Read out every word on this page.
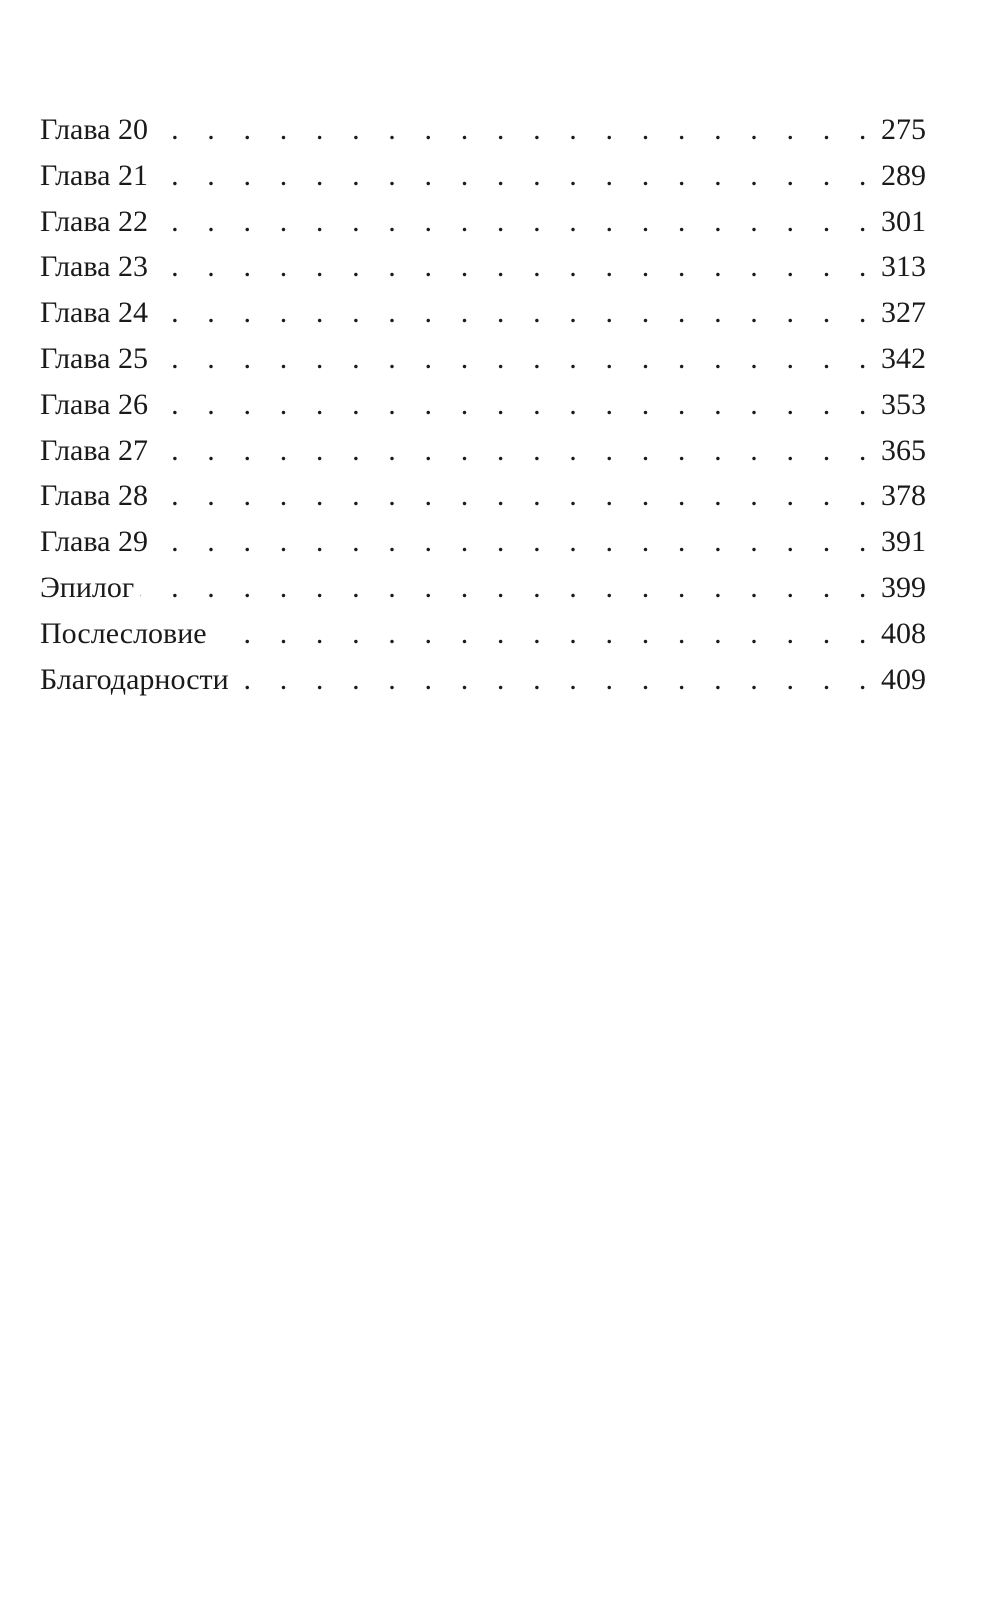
Глава 20 . . .	275
Глава 21 . . .	289
Глава 22 . . .	301
Глава 23 . . .	313
Глава 24 . . .	327
Глава 25 . . .	342
Глава 26 . . .	353
Глава 27 . . .	365
Глава 28 . . .	378
Глава 29 . . .	391
Эпилог . . .	399
Послесловие . . .	408
Благодарности . . .	409
